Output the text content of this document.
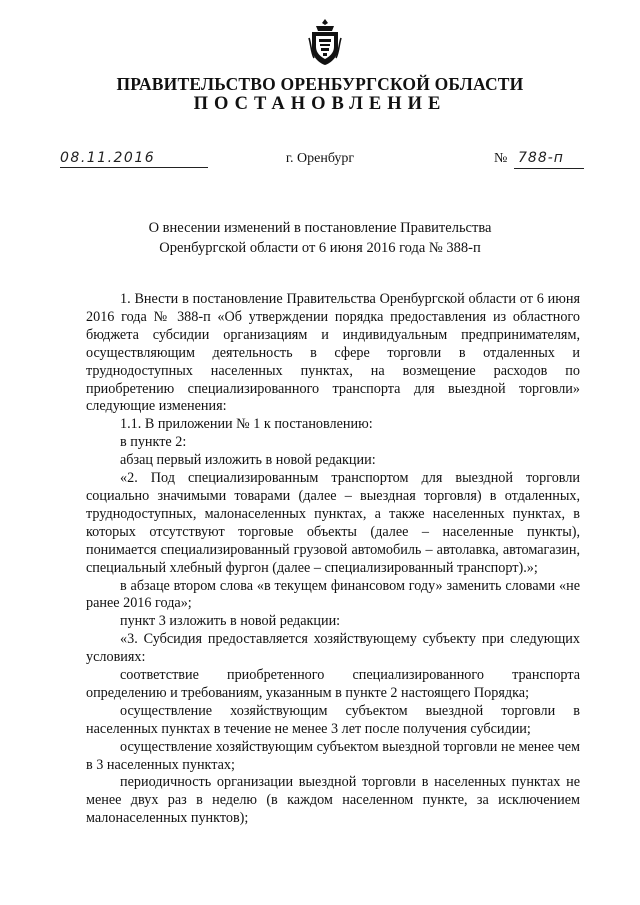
ПРАВИТЕЛЬСТВО ОРЕНБУРГСКОЙ ОБЛАСТИ
ПОСТАНОВЛЕНИЕ
08.11.2016	г. Оренбург	№ 788-п
О внесении изменений в постановление Правительства
Оренбургской области от 6 июня 2016 года № 388-п

1. Внести в постановление Правительства Оренбургской области от 6 июня 2016 года № 388-п «Об утверждении порядка предоставления из областного бюджета субсидии организациям и индивидуальным предпринимателям, осуществляющим деятельность в сфере торговли в отдаленных и труднодоступных населенных пунктах, на возмещение расходов по приобретению специализированного транспорта для выездной торговли» следующие изменения:

1.1. В приложении № 1 к постановлению:

в пункте 2:

абзац первый изложить в новой редакции:

«2. Под специализированным транспортом для выездной торговли социально значимыми товарами (далее – выездная торговля) в отдаленных, труднодоступных, малонаселенных пунктах, а также населенных пунктах, в которых отсутствуют торговые объекты (далее – населенные пункты), понимается специализированный грузовой автомобиль – автолавка, автомагазин, специальный хлебный фургон (далее – специализированный транспорт).»;

в абзаце втором слова «в текущем финансовом году» заменить словами «не ранее 2016 года»;

пункт 3 изложить в новой редакции:

«3. Субсидия предоставляется хозяйствующему субъекту при следующих условиях:

соответствие приобретенного специализированного транспорта определению и требованиям, указанным в пункте 2 настоящего Порядка;

осуществление хозяйствующим субъектом выездной торговли в населенных пунктах в течение не менее 3 лет после получения субсидии;

осуществление хозяйствующим субъектом выездной торговли не менее чем в 3 населенных пунктах;

периодичность организации выездной торговли в населенных пунктах не менее двух раз в неделю (в каждом населенном пункте, за исключением малонаселенных пунктов);
